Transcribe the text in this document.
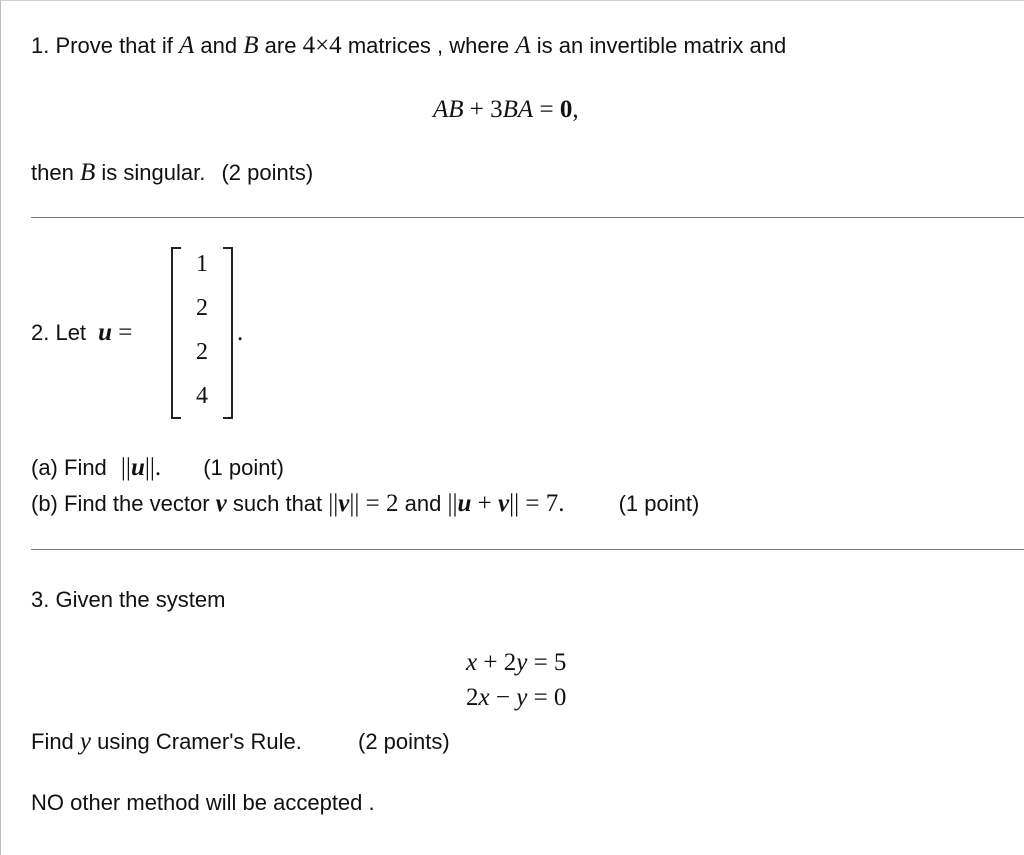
1. Prove that if A and B are 4×4 matrices , where A is an invertible matrix and
AB + 3BA = 0,
then B is singular. (2 points)
2. Let u =
1
2
2
4
.
(a) Find ||u||. (1 point)
(b) Find the vector v such that ||v|| = 2 and ||u + v|| = 7. (1 point)
3. Given the system
x + 2y = 5
2x − y = 0
Find y using Cramer's Rule.	(2 points)
NO other method will be accepted .
